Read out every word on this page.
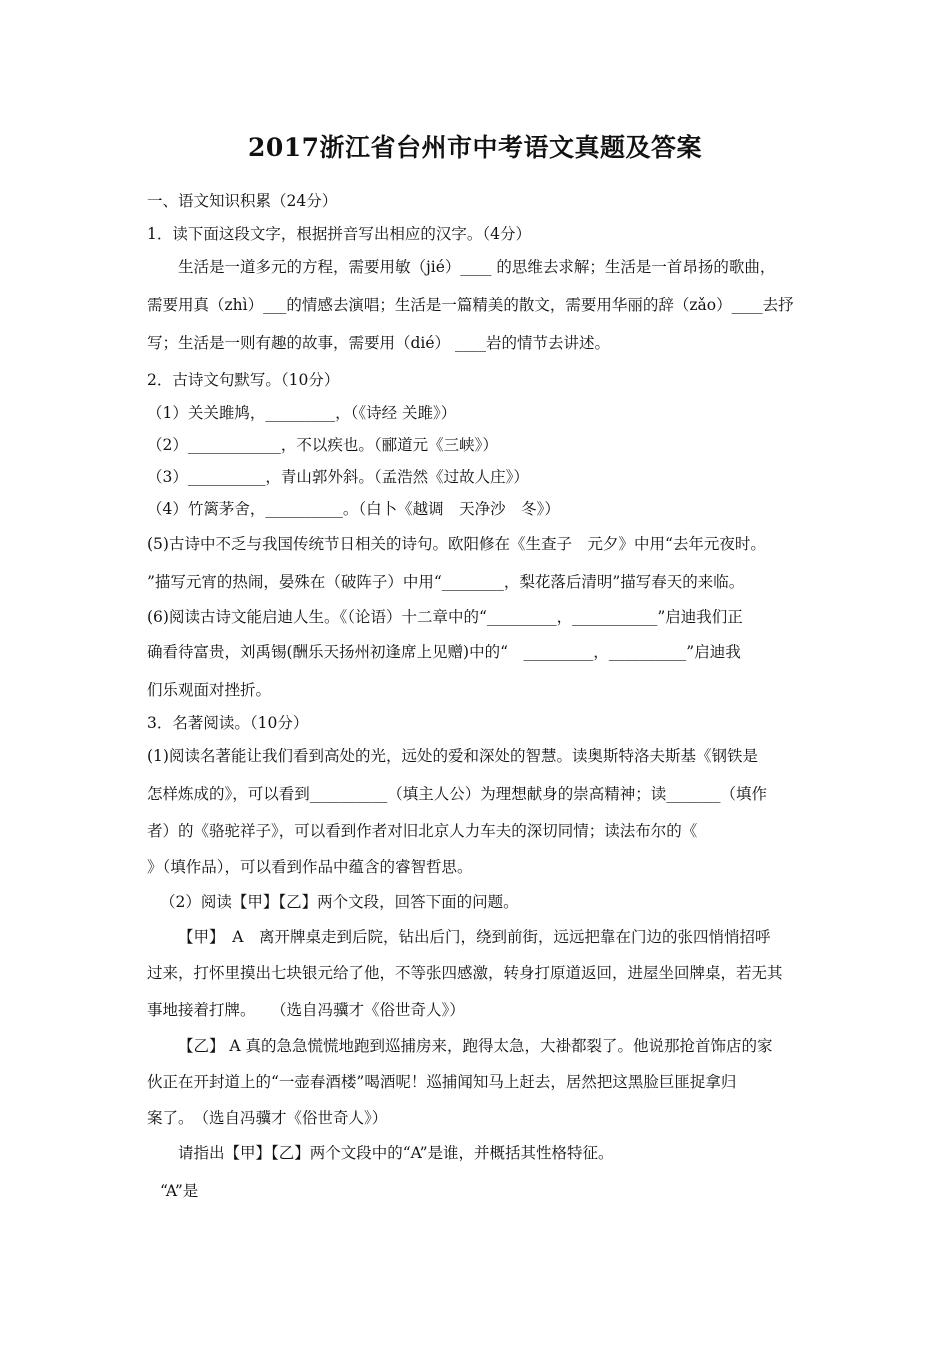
2017浙江省台州市中考语文真题及答案
一、语文知识积累（24分）
1．读下面这段文字，根据拼音写出相应的汉字。（4分）
生活是一道多元的方程，需要用敏（jié）____ 的思维去求解；生活是一首昂扬的歌曲，
需要用真（zhì）___的情感去演唱；生活是一篇精美的散文，需要用华丽的辞（zǎo）____去抒
写；生活是一则有趣的故事，需要用（dié） ____岩的情节去讲述。
2．古诗文句默写。（10分）
（1）关关雎鸠，_________，（《诗经 关雎》）
（2）____________，不以疾也。（郦道元《三峡》）
（3）__________，青山郭外斜。（孟浩然《过故人庄》）
（4）竹篱茅舍，__________。（白卜《越调　天净沙　冬》）
(5)古诗中不乏与我国传统节日相关的诗句。欧阳修在《生查子　元夕》中用“去年元夜时。
”描写元宵的热闹，晏殊在（破阵子）中用“________，梨花落后清明”描写春天的来临。
(6)阅读古诗文能启迪人生。《（论语）十二章中的“_________，___________”启迪我们正
确看待富贵，刘禹锡(酬乐天扬州初逢席上见赠)中的“　_________，__________”启迪我
们乐观面对挫折。
3．名著阅读。（10分）
(1)阅读名著能让我们看到高处的光，远处的爱和深处的智慧。读奥斯特洛夫斯基《钢铁是
怎样炼成的》，可以看到__________（填主人公）为理想献身的崇高精神；读_______（填作
者）的《骆驼祥子》，可以看到作者对旧北京人力车夫的深切同情；读法布尔的《
》（填作品），可以看到作品中蕴含的睿智哲思。
（2）阅读【甲】【乙】两个文段，回答下面的问题。
【甲】　A　离开牌桌走到后院，钻出后门，绕到前街，远远把靠在门边的张四悄悄招呼
过来，打怀里摸出七块银元给了他，不等张四感激，转身打原道返回，进屋坐回牌桌，若无其
事地接着打牌。　　（选自冯骥才《俗世奇人》）
【乙】 A 真的急急慌慌地跑到巡捕房来，跑得太急，大褂都裂了。他说那抢首饰店的家
伙正在开封道上的“一壶春酒楼”喝酒呢！巡捕闻知马上赶去，居然把这黑脸巨匪捉拿归
案了。　（选自冯骥才《俗世奇人》）
请指出【甲】【乙】两个文段中的“A”是谁，并概括其性格特征。
“A”是
